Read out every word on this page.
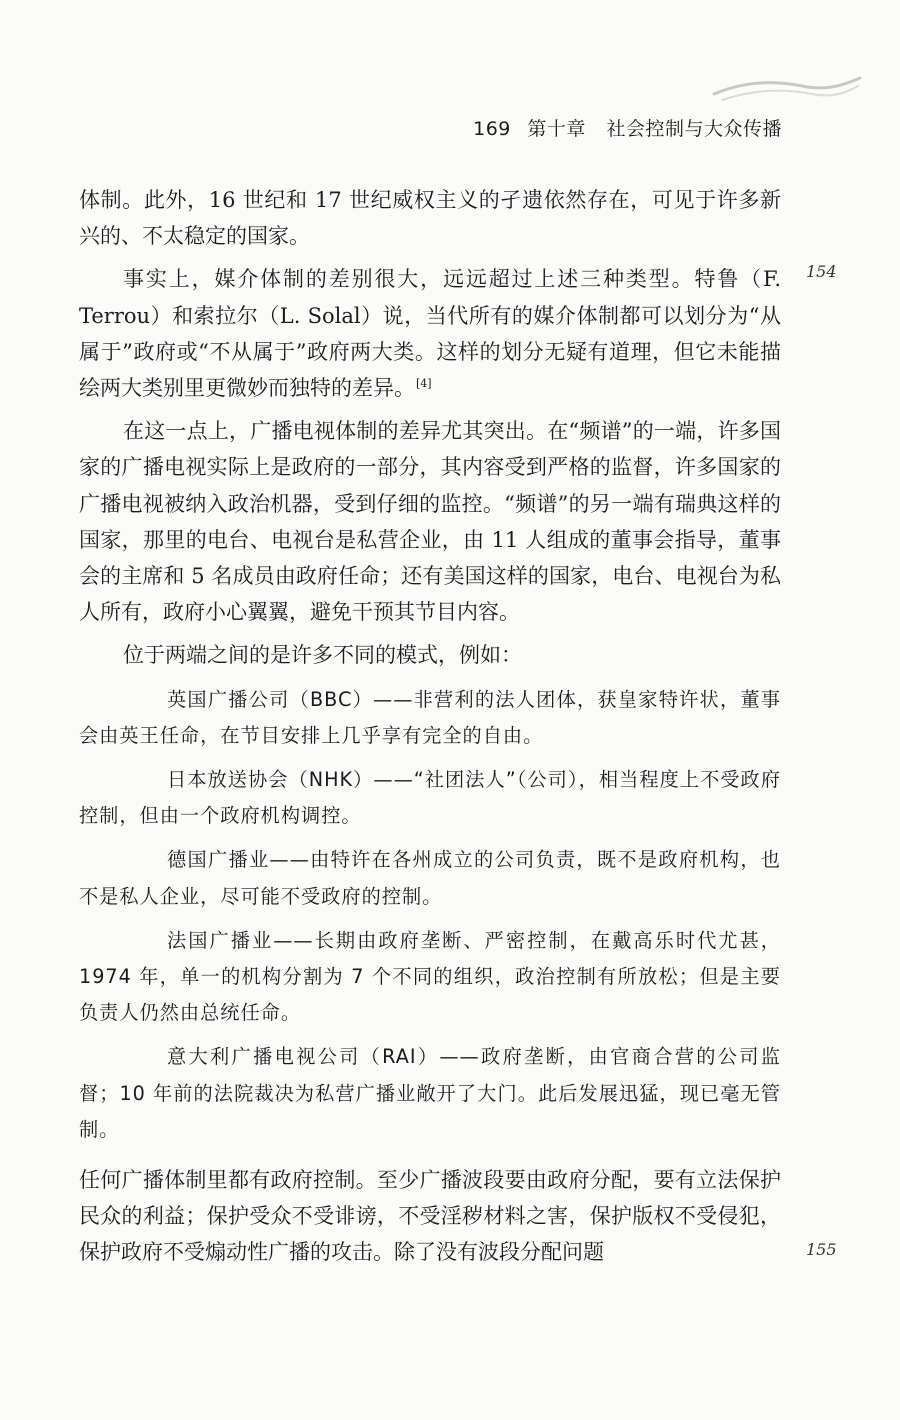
169 第十章 社会控制与大众传播

体制。此外，16 世纪和 17 世纪威权主义的孑遗依然存在，可见于许多新兴的、不太稳定的国家。

事实上，媒介体制的差别很大，远远超过上述三种类型。特鲁（F. Terrou）和索拉尔（L. Solal）说，当代所有的媒介体制都可以划分为“从属于”政府或“不从属于”政府两大类。这样的划分无疑有道理，但它未能描绘两大类别里更微妙而独特的差异。[4]

在这一点上，广播电视体制的差异尤其突出。在“频谱”的一端，许多国家的广播电视实际上是政府的一部分，其内容受到严格的监督，许多国家的广播电视被纳入政治机器，受到仔细的监控。“频谱”的另一端有瑞典这样的国家，那里的电台、电视台是私营企业，由 11 人组成的董事会指导，董事会的主席和 5 名成员由政府任命；还有美国这样的国家，电台、电视台为私人所有，政府小心翼翼，避免干预其节目内容。

位于两端之间的是许多不同的模式，例如：

英国广播公司（BBC）——非营利的法人团体，获皇家特许状，董事会由英王任命，在节目安排上几乎享有完全的自由。

日本放送协会（NHK）——“社团法人”（公司），相当程度上不受政府控制，但由一个政府机构调控。

德国广播业——由特许在各州成立的公司负责，既不是政府机构，也不是私人企业，尽可能不受政府的控制。

法国广播业——长期由政府垄断、严密控制，在戴高乐时代尤甚，1974 年，单一的机构分割为 7 个不同的组织，政治控制有所放松；但是主要负责人仍然由总统任命。

意大利广播电视公司（RAI）——政府垄断，由官商合营的公司监督；10 年前的法院裁决为私营广播业敞开了大门。此后发展迅猛，现已毫无管制。

任何广播体制里都有政府控制。至少广播波段要由政府分配，要有立法保护民众的利益；保护受众不受诽谤，不受淫秽材料之害，保护版权不受侵犯，保护政府不受煽动性广播的攻击。除了没有波段分配问题

154
155
